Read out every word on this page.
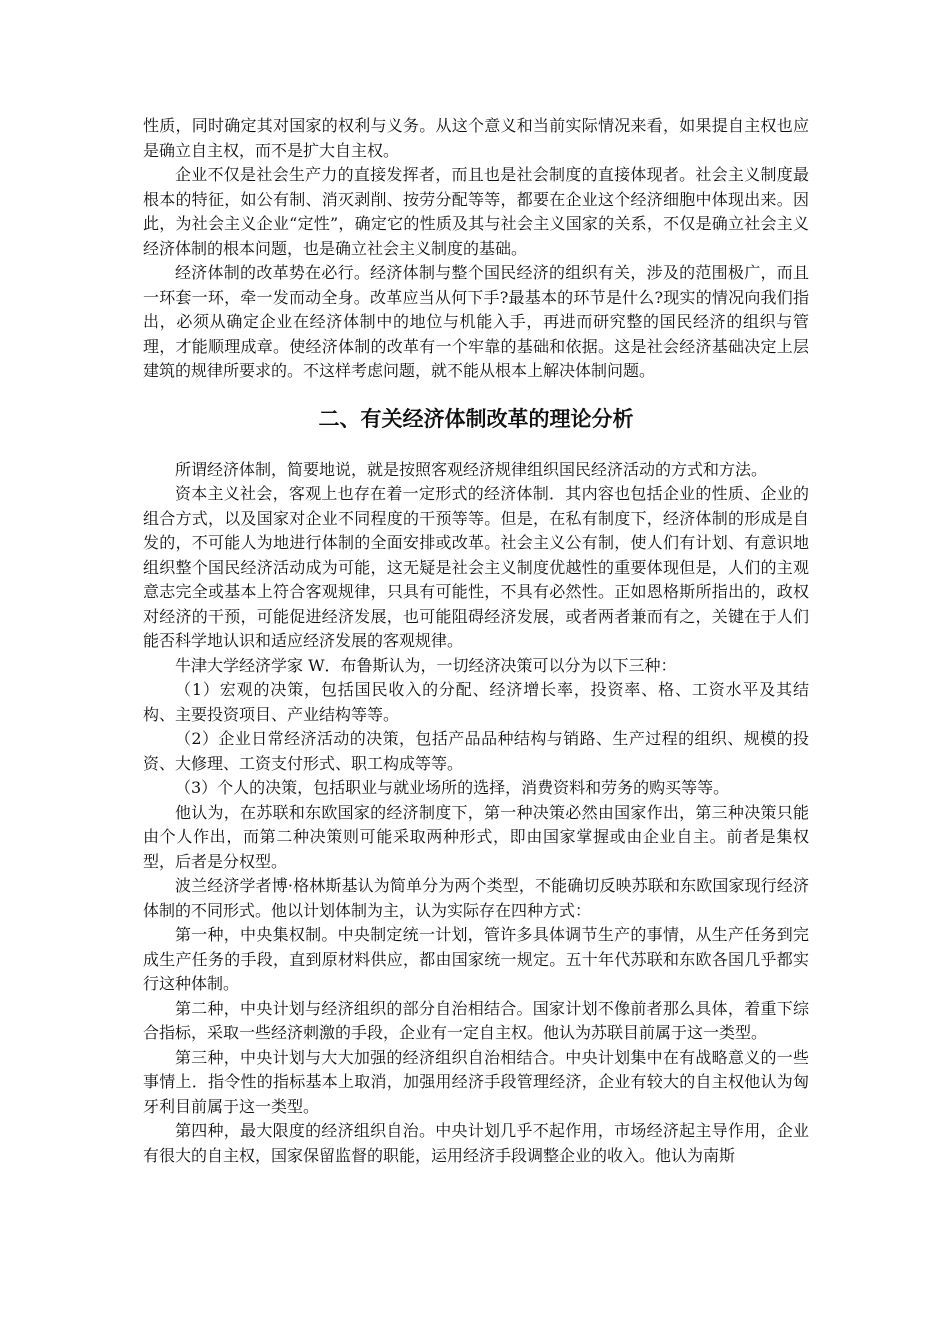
性质，同时确定其对国家的权利与义务。从这个意义和当前实际情况来看，如果提自主权也应是确立自主权，而不是扩大自主权。

企业不仅是社会生产力的直接发挥者，而且也是社会制度的直接体现者。社会主义制度最根本的特征，如公有制、消灭剥削、按劳分配等等，都要在企业这个经济细胞中体现出来。因此，为社会主义企业“定性”，确定它的性质及其与社会主义国家的关系，不仅是确立社会主义经济体制的根本问题，也是确立社会主义制度的基础。

经济体制的改革势在必行。经济体制与整个国民经济的组织有关，涉及的范围极广，而且一环套一环，牵一发而动全身。改革应当从何下手?最基本的环节是什么?现实的情况向我们指出，必须从确定企业在经济体制中的地位与机能入手，再进而研究整的国民经济的组织与管理，才能顺理成章。使经济体制的改革有一个牢靠的基础和依据。这是社会经济基础决定上层建筑的规律所要求的。不这样考虑问题，就不能从根本上解决体制问题。

二、有关经济体制改革的理论分析

所谓经济体制，简要地说，就是按照客观经济规律组织国民经济活动的方式和方法。

资本主义社会，客观上也存在着一定形式的经济体制．其内容也包括企业的性质、企业的组合方式，以及国家对企业不同程度的干预等等。但是，在私有制度下，经济体制的形成是自发的，不可能人为地进行体制的全面安排或改革。社会主义公有制，使人们有计划、有意识地组织整个国民经济活动成为可能，这无疑是社会主义制度优越性的重要体现但是，人们的主观意志完全或基本上符合客观规律，只具有可能性，不具有必然性。正如恩格斯所指出的，政权对经济的干预，可能促进经济发展，也可能阻碍经济发展，或者两者兼而有之，关键在于人们能否科学地认识和适应经济发展的客观规律。

牛津大学经济学家 W．布鲁斯认为，一切经济决策可以分为以下三种：

（1）宏观的决策，包括国民收入的分配、经济增长率，投资率、格、工资水平及其结构、主要投资项目、产业结构等等。

（2）企业日常经济活动的决策，包括产品品种结构与销路、生产过程的组织、规模的投资、大修理、工资支付形式、职工构成等等。

（3）个人的决策，包括职业与就业场所的选择，消费资料和劳务的购买等等。

他认为，在苏联和东欧国家的经济制度下，第一种决策必然由国家作出，第三种决策只能由个人作出，而第二种决策则可能采取两种形式，即由国家掌握或由企业自主。前者是集权型，后者是分权型。

波兰经济学者博·格林斯基认为简单分为两个类型，不能确切反映苏联和东欧国家现行经济体制的不同形式。他以计划体制为主，认为实际存在四种方式：

第一种，中央集权制。中央制定统一计划，管许多具体调节生产的事情，从生产任务到完成生产任务的手段，直到原材料供应，都由国家统一规定。五十年代苏联和东欧各国几乎都实行这种体制。

第二种，中央计划与经济组织的部分自治相结合。国家计划不像前者那么具体，着重下综合指标，采取一些经济刺激的手段，企业有一定自主权。他认为苏联目前属于这一类型。

第三种，中央计划与大大加强的经济组织自治相结合。中央计划集中在有战略意义的一些事情上．指令性的指标基本上取消，加强用经济手段管理经济，企业有较大的自主权他认为匈牙利目前属于这一类型。

第四种，最大限度的经济组织自治。中央计划几乎不起作用，市场经济起主导作用，企业有很大的自主权，国家保留监督的职能，运用经济手段调整企业的收入。他认为南斯
